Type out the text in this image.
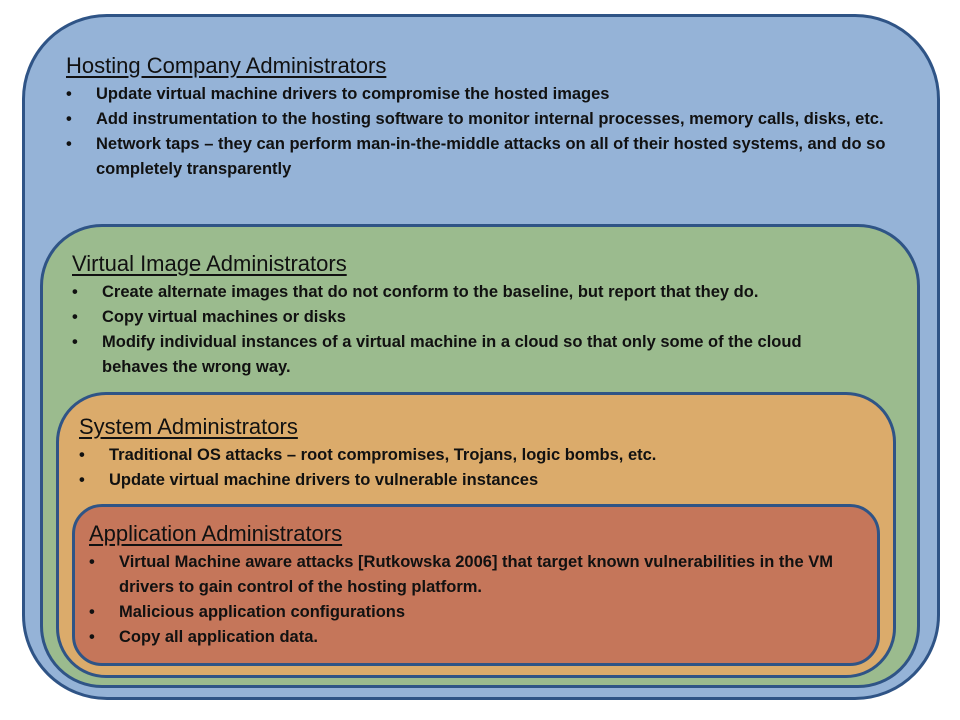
Hosting Company Administrators
• Update virtual machine drivers to compromise the hosted images
• Add instrumentation to the hosting software to monitor internal processes, memory calls, disks, etc.
• Network taps – they can perform man-in-the-middle attacks on all of their hosted systems, and do so completely transparently
Virtual Image Administrators
• Create alternate images that do not conform to the baseline, but report that they do.
• Copy virtual machines or disks
• Modify individual instances of a virtual machine in a cloud so that only some of the cloud behaves the wrong way.
System Administrators
• Traditional OS attacks – root compromises, Trojans, logic bombs, etc.
• Update virtual machine drivers to vulnerable instances
Application Administrators
• Virtual Machine aware attacks [Rutkowska 2006] that target known vulnerabilities in the VM drivers to gain control of the hosting platform.
• Malicious application configurations
• Copy all application data.
